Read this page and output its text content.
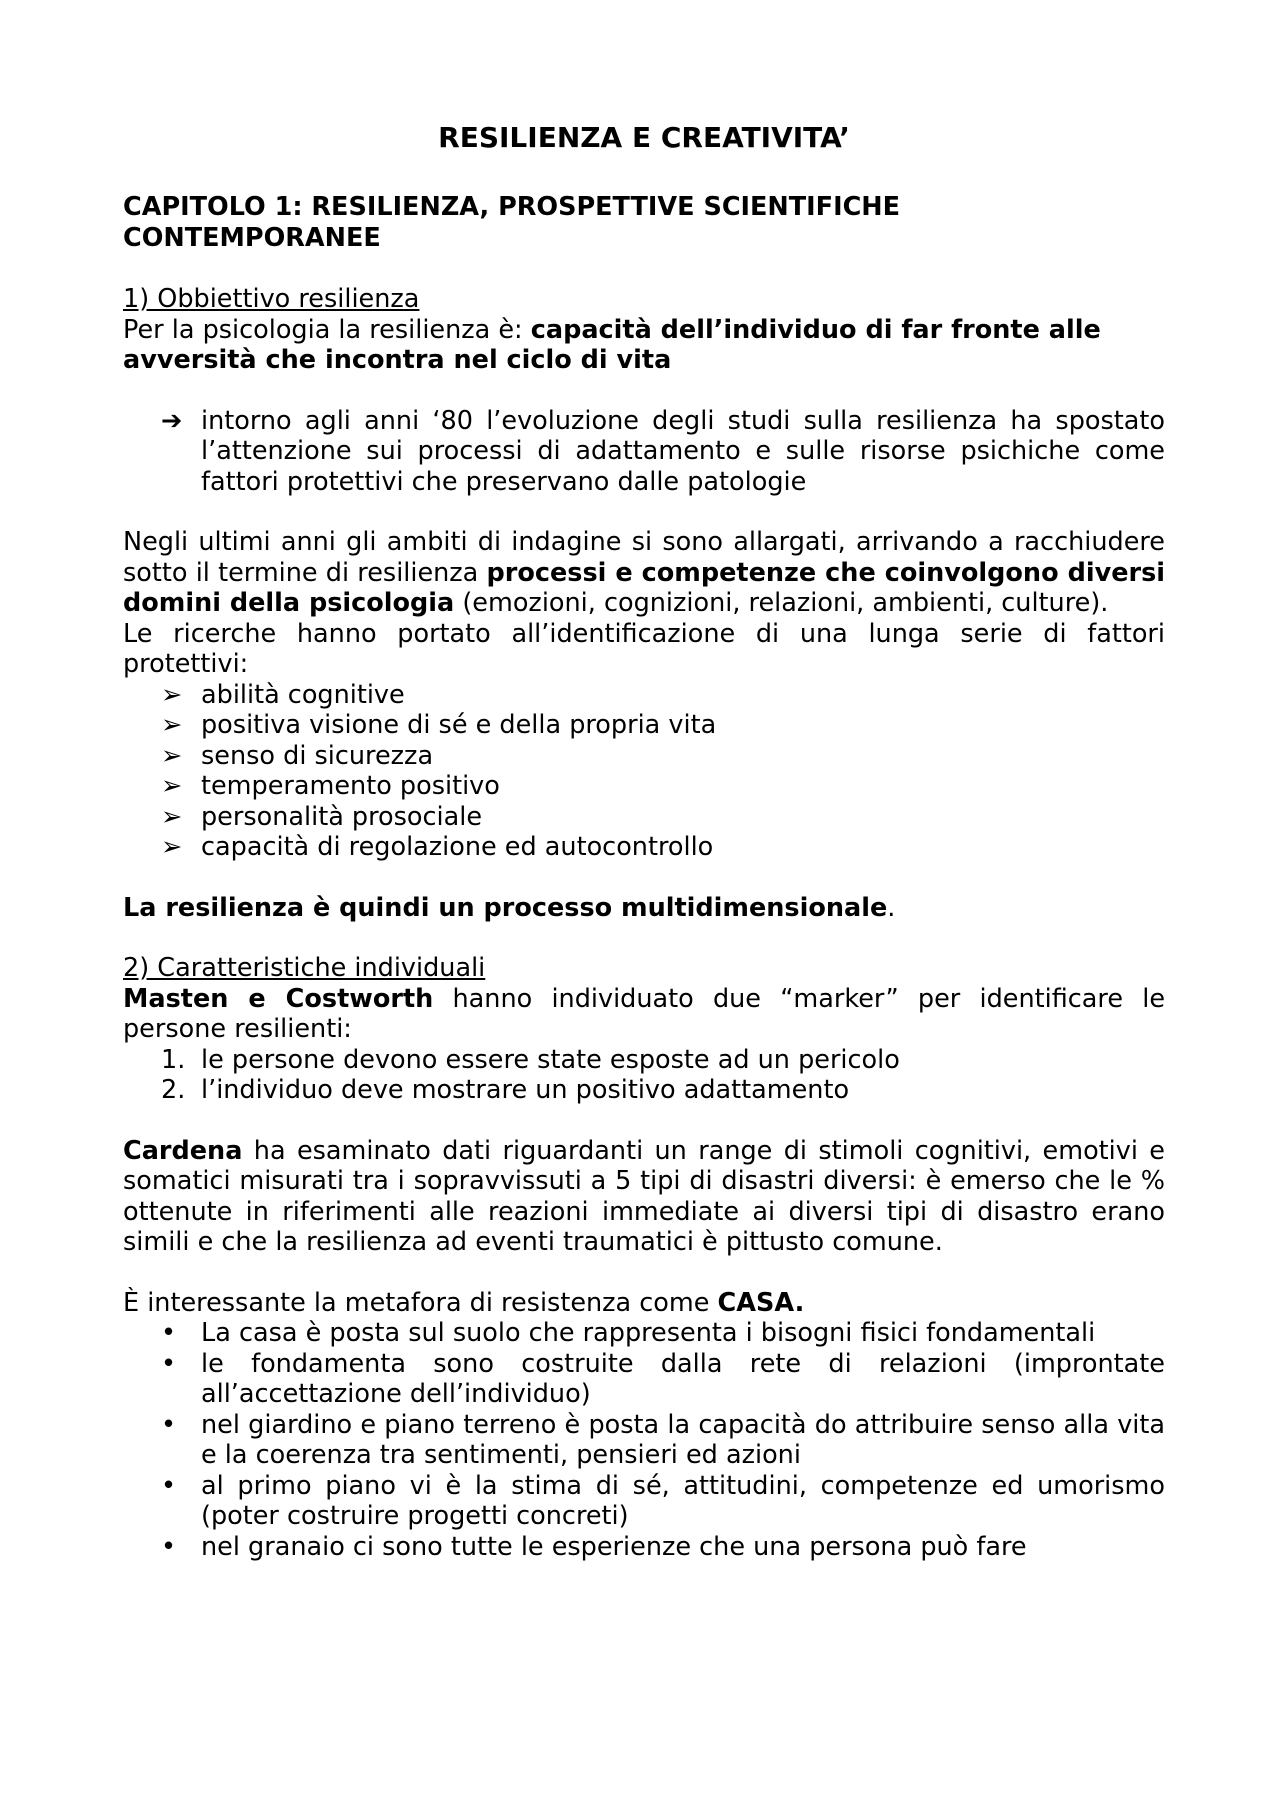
RESILIENZA E CREATIVITA’
CAPITOLO 1: RESILIENZA, PROSPETTIVE SCIENTIFICHE CONTEMPORANEE

1) Obbiettivo resilienza

Per la psicologia la resilienza è: capacità dell’individuo di far fronte alle avversità che incontra nel ciclo di vita

➔ intorno agli anni ‘80 l’evoluzione degli studi sulla resilienza ha spostato l’attenzione sui processi di adattamento e sulle risorse psichiche come fattori protettivi che preservano dalle patologie

Negli ultimi anni gli ambiti di indagine si sono allargati, arrivando a racchiudere sotto il termine di resilienza processi e competenze che coinvolgono diversi domini della psicologia (emozioni, cognizioni, relazioni, ambienti, culture).

Le ricerche hanno portato all’identificazione di una lunga serie di fattori protettivi:

➢ abilità cognitive
➢ positiva visione di sé e della propria vita
➢ senso di sicurezza
➢ temperamento positivo
➢ personalità prosociale
➢ capacità di regolazione ed autocontrollo

La resilienza è quindi un processo multidimensionale.

2) Caratteristiche individuali

Masten e Costworth hanno individuato due “marker” per identificare le persone resilienti:

1. le persone devono essere state esposte ad un pericolo
2. l’individuo deve mostrare un positivo adattamento

Cardena ha esaminato dati riguardanti un range di stimoli cognitivi, emotivi e somatici misurati tra i sopravvissuti a 5 tipi di disastri diversi: è emerso che le % ottenute in riferimenti alle reazioni immediate ai diversi tipi di disastro erano simili e che la resilienza ad eventi traumatici è pittusto comune.

È interessante la metafora di resistenza come CASA.

• La casa è posta sul suolo che rappresenta i bisogni fisici fondamentali
• le fondamenta sono costruite dalla rete di relazioni (improntate all’accettazione dell’individuo)
• nel giardino e piano terreno è posta la capacità do attribuire senso alla vita e la coerenza tra sentimenti, pensieri ed azioni
• al primo piano vi è la stima di sé, attitudini, competenze ed umorismo (poter costruire progetti concreti)
• nel granaio ci sono tutte le esperienze che una persona può fare
